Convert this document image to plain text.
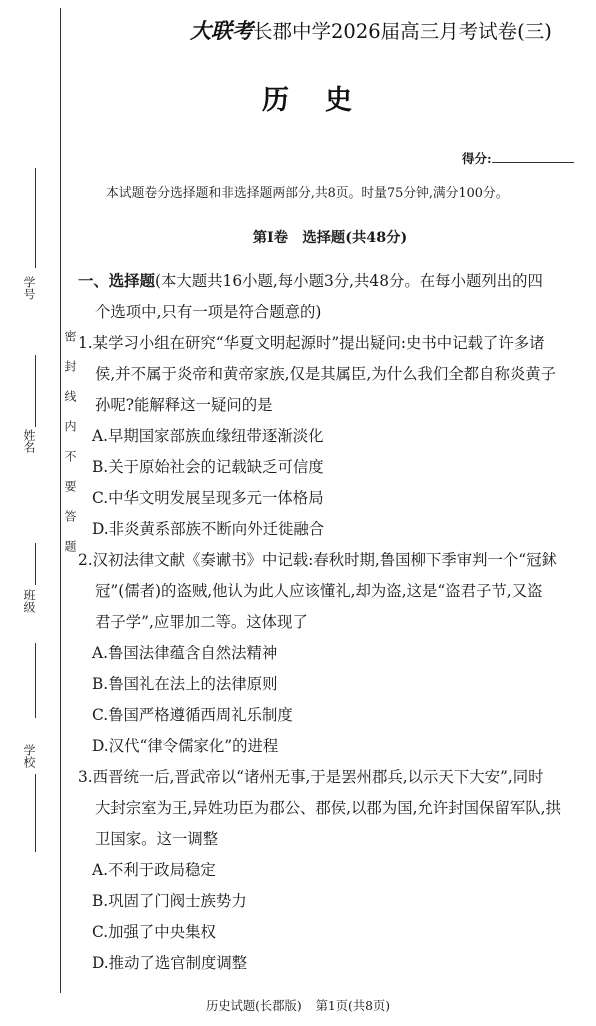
学号
姓名
班级
学校
密封线内不要答题
大联考长郡中学2026届高三月考试卷(三)
历史
得分:
本试题卷分选择题和非选择题两部分,共8页。时量75分钟,满分100分。
第Ⅰ卷　选择题(共48分)
一、选择题(本大题共16小题,每小题3分,共48分。在每小题列出的四
个选项中,只有一项是符合题意的)
1.某学习小组在研究“华夏文明起源时”提出疑问:史书中记载了许多诸
侯,并不属于炎帝和黄帝家族,仅是其属臣,为什么我们全都自称炎黄子
孙呢?能解释这一疑问的是
A.早期国家部族血缘纽带逐渐淡化
B.关于原始社会的记载缺乏可信度
C.中华文明发展呈现多元一体格局
D.非炎黄系部族不断向外迁徙融合
2.汉初法律文献《奏谳书》中记载:春秋时期,鲁国柳下季审判一个“冠鉥
冠”(儒者)的盗贼,他认为此人应该懂礼,却为盗,这是“盗君子节,又盗
君子学”,应罪加二等。这体现了
A.鲁国法律蕴含自然法精神
B.鲁国礼在法上的法律原则
C.鲁国严格遵循西周礼乐制度
D.汉代“律令儒家化”的进程
3.西晋统一后,晋武帝以“诸州无事,于是罢州郡兵,以示天下大安”,同时
大封宗室为王,异姓功臣为郡公、郡侯,以郡为国,允许封国保留军队,拱
卫国家。这一调整
A.不利于政局稳定
B.巩固了门阀士族势力
C.加强了中央集权
D.推动了选官制度调整
历史试题(长郡版) 第1页(共8页)
